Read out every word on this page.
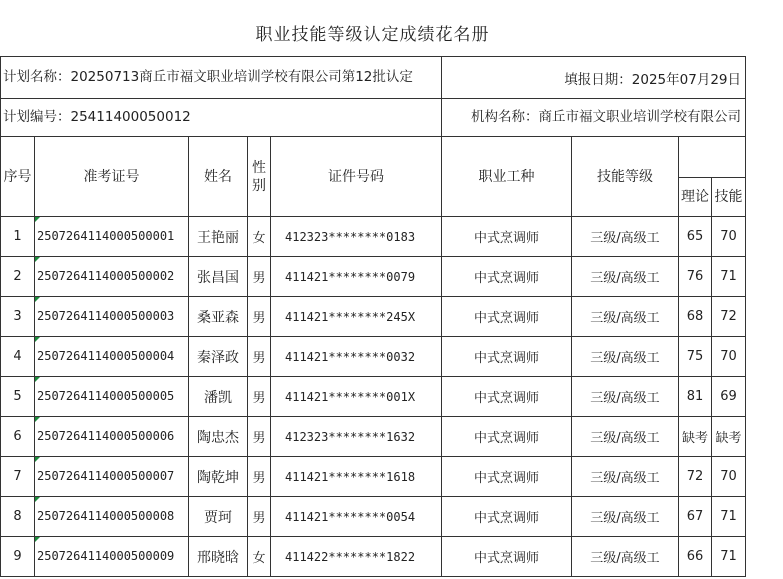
职业技能等级认定成绩花名册
计划名称：20250713商丘市福文职业培训学校有限公司第12批认定					填报日期：2025年07月29日			
计划编号：25411400050012					机构名称：商丘市福文职业培训学校有限公司			
序号	准考证号	姓名	性别	证件号码	职业工种	技能等级		
							理论	技能
1	2507264114000500001	王艳丽	女	412323********0183	中式烹调师	三级/高级工	65	70
2	2507264114000500002	张昌国	男	411421********0079	中式烹调师	三级/高级工	76	71
3	2507264114000500003	桑亚森	男	411421********245X	中式烹调师	三级/高级工	68	72
4	2507264114000500004	秦泽政	男	411421********0032	中式烹调师	三级/高级工	75	70
5	2507264114000500005	潘凯	男	411421********001X	中式烹调师	三级/高级工	81	69
6	2507264114000500006	陶忠杰	男	412323********1632	中式烹调师	三级/高级工	缺考	缺考
7	2507264114000500007	陶乾坤	男	411421********1618	中式烹调师	三级/高级工	72	70
8	2507264114000500008	贾珂	男	411421********0054	中式烹调师	三级/高级工	67	71
9	2507264114000500009	邢晓晗	女	411422********1822	中式烹调师	三级/高级工	66	71
